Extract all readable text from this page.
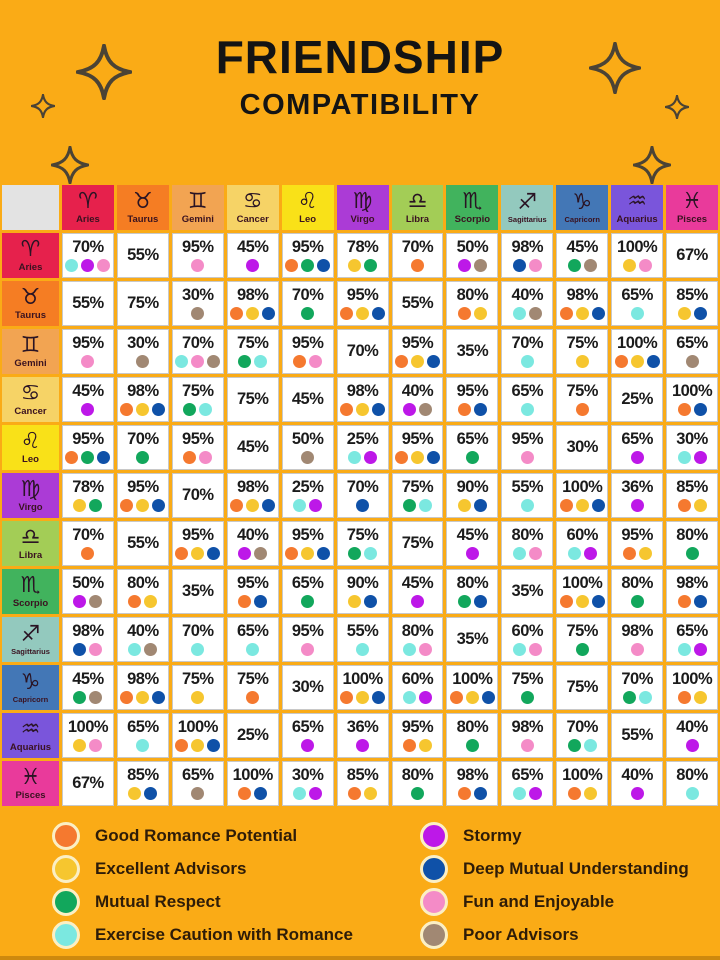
FRIENDSHIP
COMPATIBILITY
♈
Aries
♉
Taurus
♊
Gemini
♋
Cancer
♌
Leo
♍
Virgo
♎
Libra
♏
Scorpio
♐
Sagittarius
♑
Capricorn
♒
Aquarius
♓
Pisces
♈
Aries
70% 55% 95% 45% 95% 78% 70% 50% 98% 45% 100% 67%
♉
Taurus
55% 75% 30% 98% 70% 95% 55% 80% 40% 98% 65% 85%
♊
Gemini
95% 30% 70% 75% 95% 70% 95% 35% 70% 75% 100% 65%
♋
Cancer
45% 98% 75% 75% 45% 98% 40% 95% 65% 75% 25% 100%
♌
Leo
95% 70% 95% 45% 50% 25% 95% 65% 95% 30% 65% 30%
♍
Virgo
78% 95% 70% 98% 25% 70% 75% 90% 55% 100% 36% 85%
♎
Libra
70% 55% 95% 40% 95% 75% 75% 45% 80% 60% 95% 80%
♏
Scorpio
50% 80% 35% 95% 65% 90% 45% 80% 35% 100% 80% 98%
♐
Sagittarius
98% 40% 70% 65% 95% 55% 80% 35% 60% 75% 98% 65%
♑
Capricorn
45% 98% 75% 75% 30% 100% 60% 100% 75% 75% 70% 100%
♒
Aquarius
100% 65% 100% 25% 65% 36% 95% 80% 98% 70% 55% 40%
♓
Pisces
67% 85% 65% 100% 30% 85% 80% 98% 65% 100% 40% 80%
Good Romance Potential
Excellent Advisors
Mutual Respect
Exercise Caution with Romance
Stormy
Deep Mutual Understanding
Fun and Enjoyable
Poor Advisors
